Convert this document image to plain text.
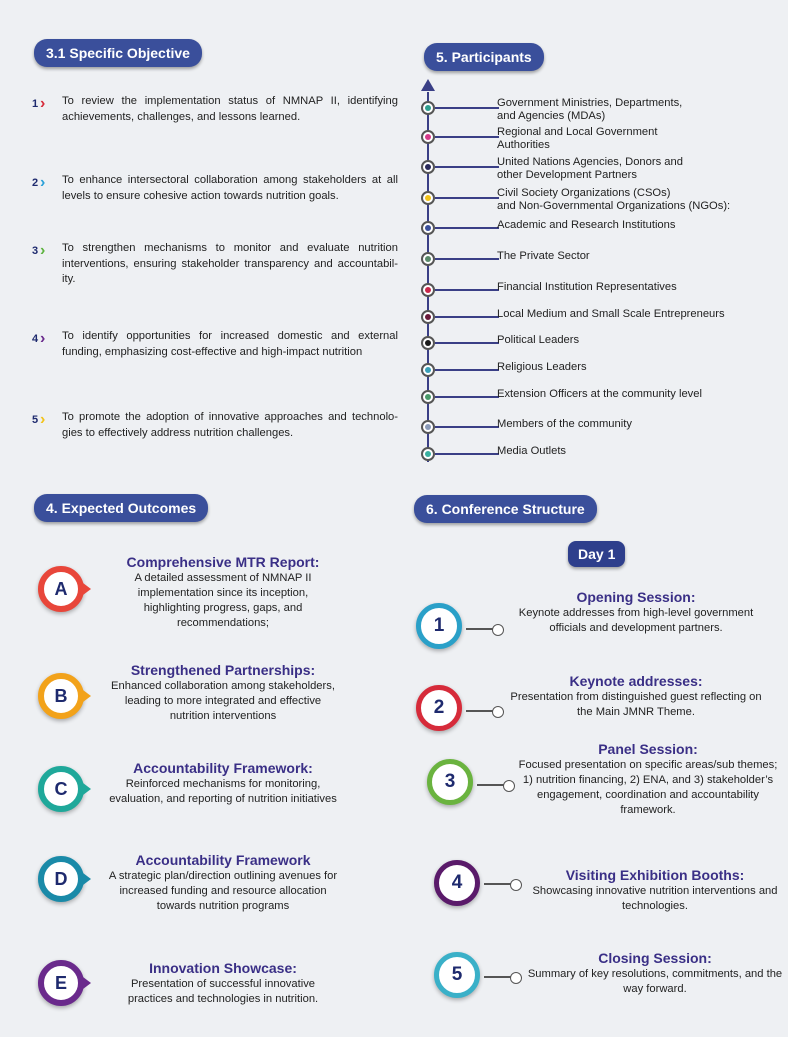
3.1 Specific Objective	5. Participants
4. Expected Outcomes	6. Conference Structure
1 › To review the implementation status of NMNAP II, identifying achievements, challenges, and lessons learned.
2 › To enhance intersectoral collaboration among stakeholders at all levels to ensure cohesive action towards nutrition goals.
3 › To strengthen mechanisms to monitor and evaluate nutrition interventions, ensuring stakeholder transparency and accountabil-ity.
4 › To identify opportunities for increased domestic and external funding, emphasizing cost-effective and high-impact nutrition
5 › To promote the adoption of innovative approaches and technolo-gies to effectively address nutrition challenges.
Government Ministries, Departments,
and Agencies (MDAs)
Regional and Local Government
Authorities
United Nations Agencies, Donors and
other Development Partners
Civil Society Organizations (CSOs)
and Non-Governmental Organizations (NGOs):
Academic and Research Institutions
The Private Sector
Financial Institution Representatives
Local Medium and Small Scale Entrepreneurs
Political Leaders
Religious Leaders
Extension Officers at the community level
Members of the community
Media Outlets
A
Comprehensive MTR Report:
A detailed assessment of NMNAP II implementation since its inception, highlighting progress, gaps, and recommendations;
B
Strengthened Partnerships:
Enhanced collaboration among stakeholders, leading to more integrated and effective nutrition interventions
C
Accountability Framework:
Reinforced mechanisms for monitoring, evaluation, and reporting of nutrition initiatives
D
Accountability Framework
A strategic plan/direction outlining avenues for increased funding and resource allocation towards nutrition programs
E
Innovation Showcase:
Presentation of successful innovative practices and technologies in nutrition.
Day 1
1
Opening Session:
Keynote addresses from high-level government officials and development partners.
2
Keynote addresses:
Presentation from distinguished guest reflecting on the Main JMNR Theme.
3
Panel Session:
Focused presentation on specific areas/sub themes; 1) nutrition financing, 2) ENA, and 3) stakeholder’s engagement, coordination and accountability framework.
4	Visiting Exhibition Booths:
Showcasing innovative nutrition interventions and technologies.
5
Closing Session:
Summary of key resolutions, commitments, and the way forward.
